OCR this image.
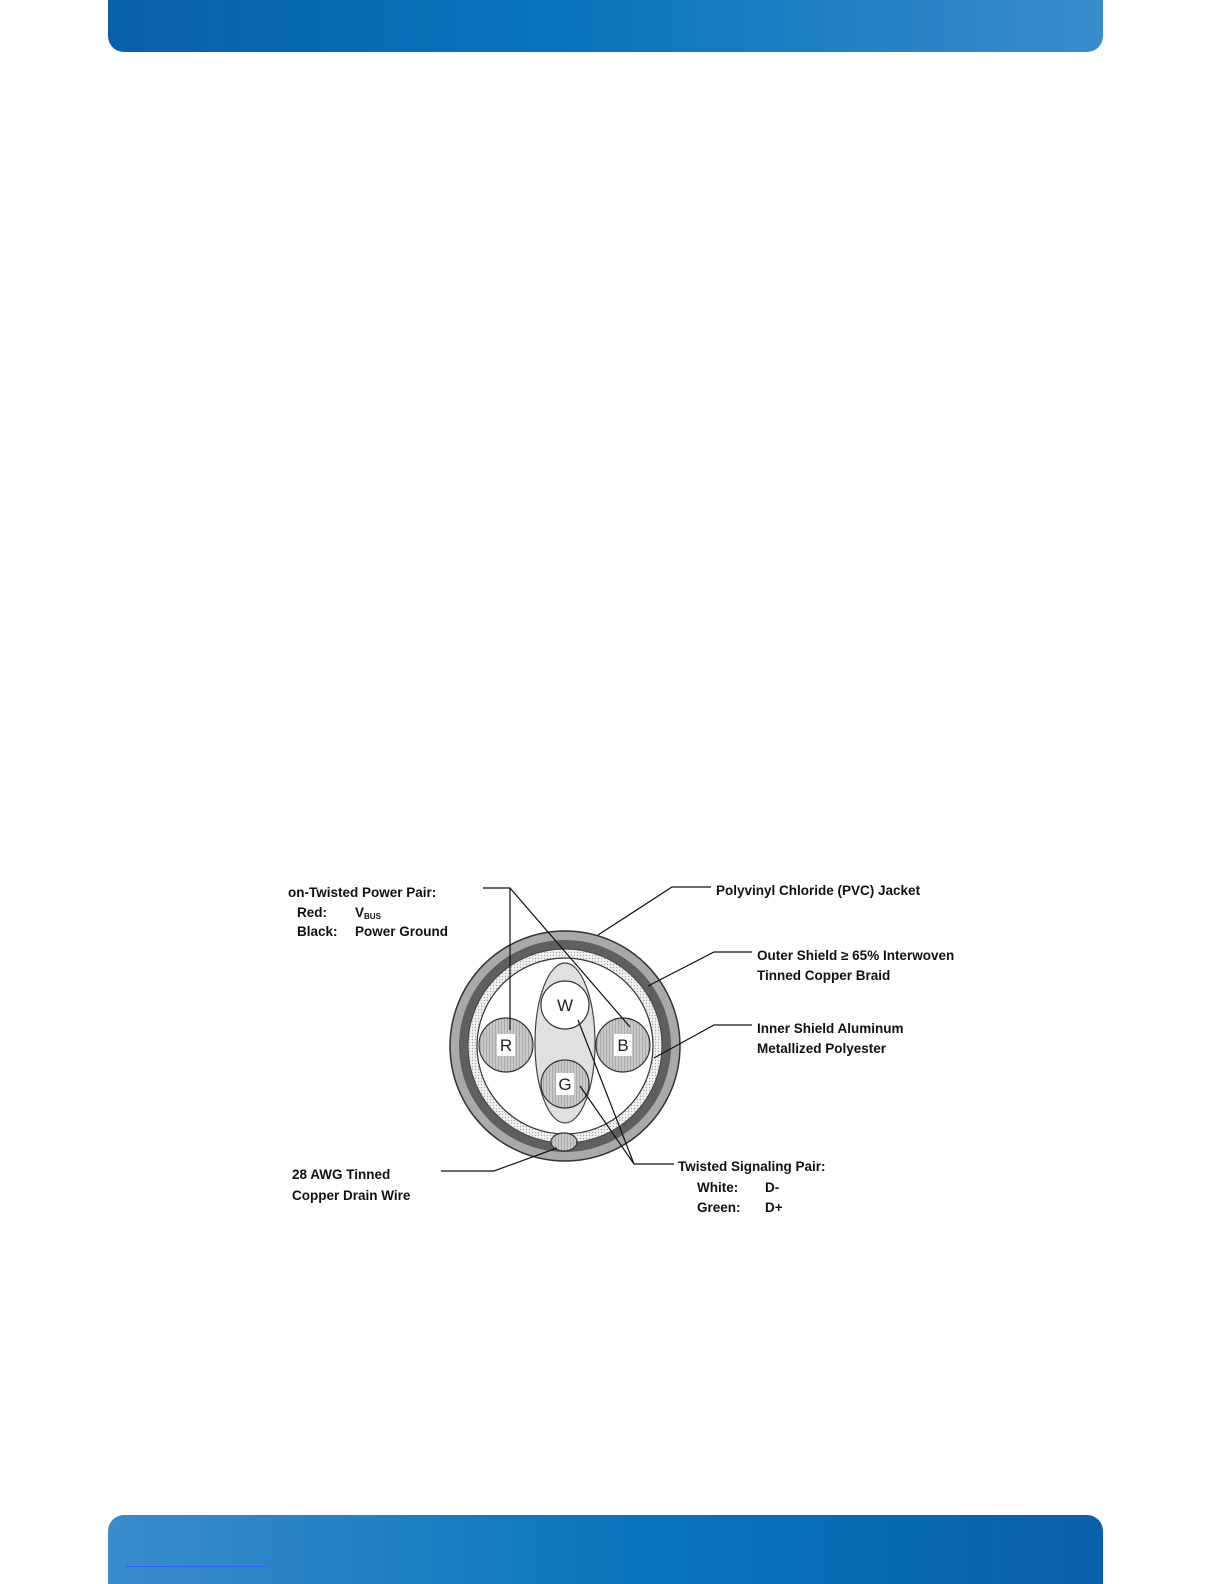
W
G
R	B
on-Twisted Power Pair:
Red: VBUS
Black: Power Ground
Polyvinyl Chloride (PVC) Jacket
Outer Shield ≥ 65% Interwoven
Tinned Copper Braid
Inner Shield Aluminum
Metallized Polyester
28 AWG Tinned
Copper Drain Wire
Twisted Signaling Pair:
White: D-
Green: D+
